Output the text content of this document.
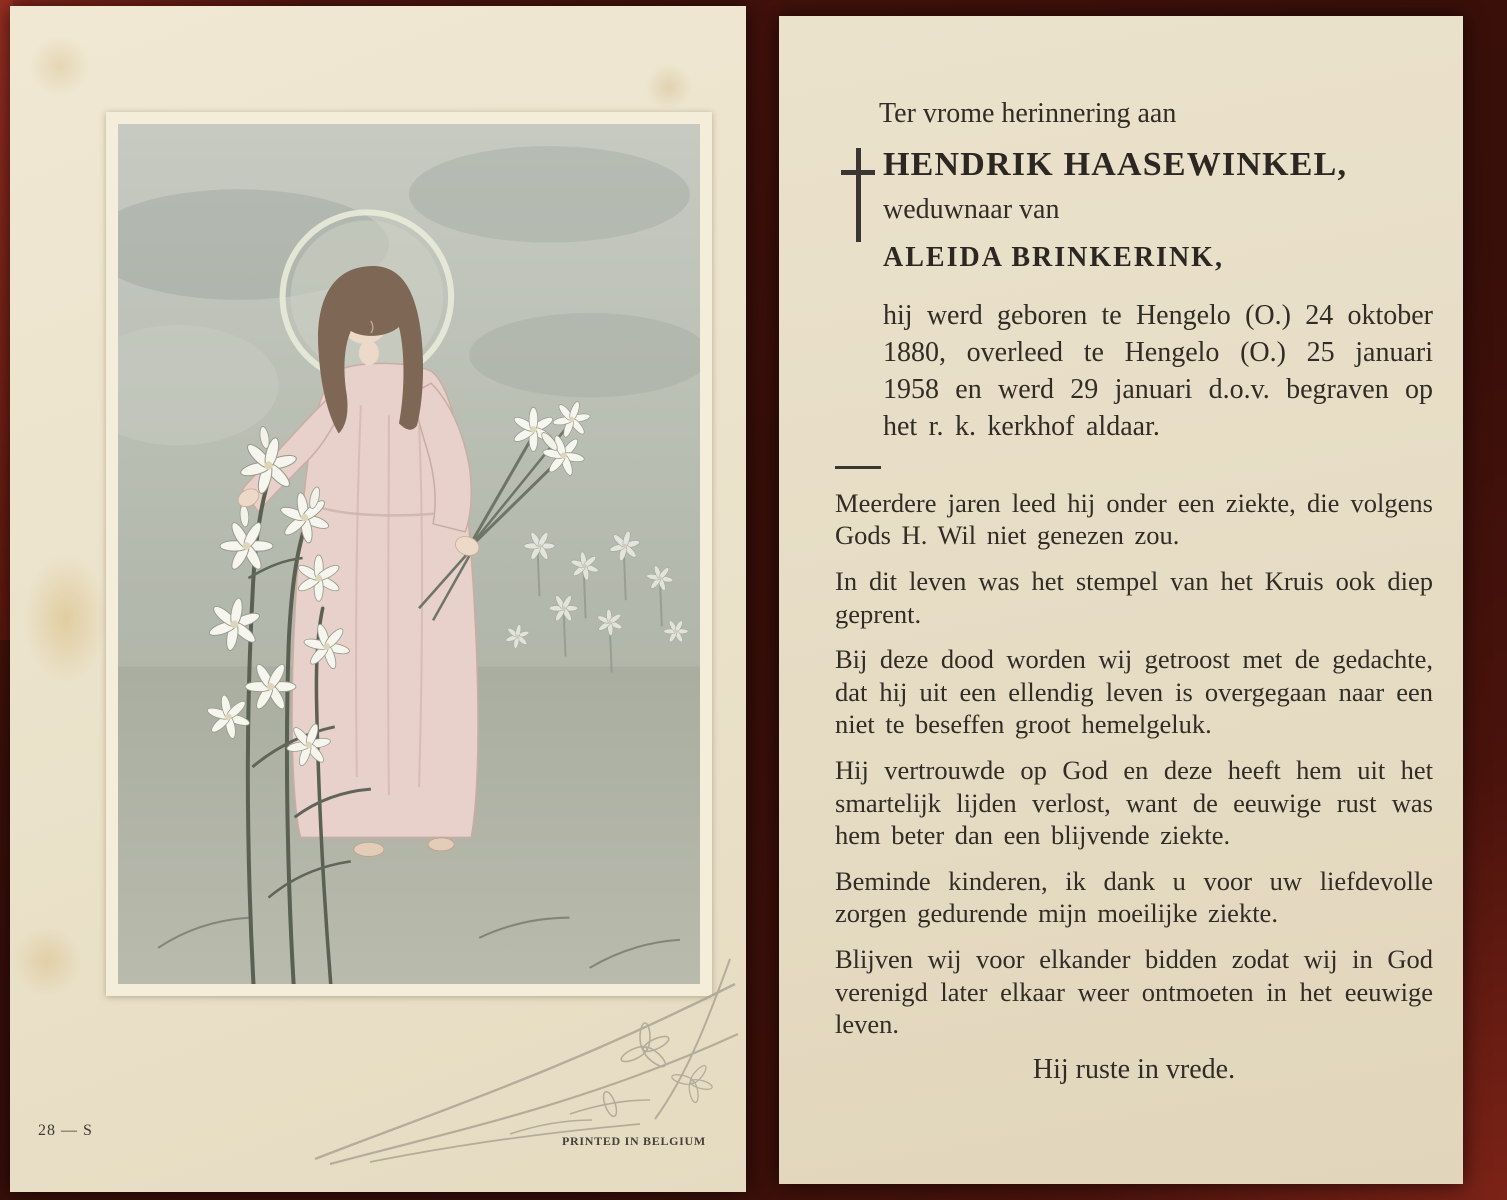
28 — S
PRINTED IN BELGIUM
Ter vrome herinnering aan
HENDRIK HAASEWINKEL,
weduwnaar van
ALEIDA BRINKERINK,

hij werd geboren te Hengelo (O.) 24 oktober 1880, overleed te Hengelo (O.) 25 januari 1958 en werd 29 januari d.o.v. begraven op het r. k. kerkhof aldaar.

Meerdere jaren leed hij onder een ziekte, die volgens Gods H. Wil niet genezen zou.

In dit leven was het stempel van het Kruis ook diep geprent.

Bij deze dood worden wij getroost met de gedachte, dat hij uit een ellendig leven is overgegaan naar een niet te beseffen groot hemelgeluk.

Hij vertrouwde op God en deze heeft hem uit het smartelijk lijden verlost, want de eeuwige rust was hem beter dan een blijvende ziekte.

Beminde kinderen, ik dank u voor uw liefdevolle zorgen gedurende mijn moeilijke ziekte.

Blijven wij voor elkander bidden zodat wij in God verenigd later elkaar weer ontmoeten in het eeuwige leven.

Hij ruste in vrede.
